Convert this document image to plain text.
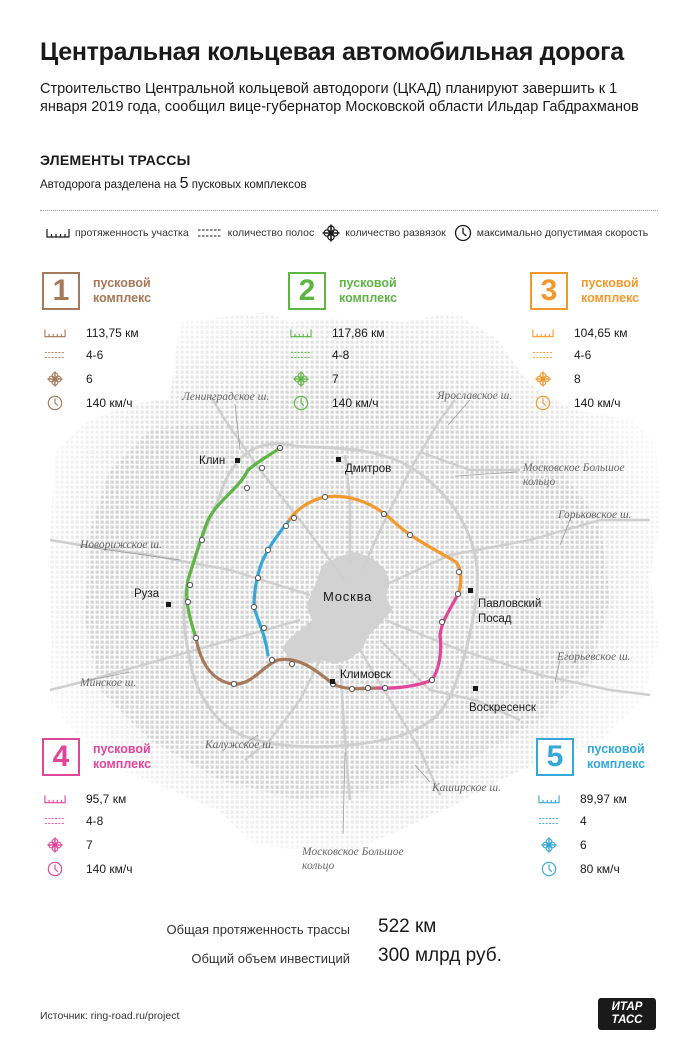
Центральная кольцевая автомобильная дорога
Строительство Центральной кольцевой автодороги (ЦКАД) планируют завершить к 1 января 2019 года, сообщил вице-губернатор Московской области Ильдар Габдрахманов
ЭЛЕМЕНТЫ ТРАССЫ
Автодорога разделена на 5 пусковых комплексов
протяженность участка	количество полос	количество развязок	максимально допустимая скорость
Ленинградское ш.	Ярославское ш.
Московское Большое
кольцо
Горьковское ш.
Новорижское ш.
Минское ш.
Егорьевское ш.
Калужское ш.
Каширское ш.
Московское Большое
кольцо
Клин
Дмитров
Руза
Павловский
Посад
Климовск
Воскресенск
Москва
1	пусковой
комплекс
113,75 км
4-6
6
140 км/ч
2	пусковой
комплекс
117,86 км
4-8
7
140 км/ч
3	пусковой
комплекс
104,65 км
4-6
8
140 км/ч
4	пусковой
комплекс
95,7 км
4-8
7
140 км/ч
5	пусковой
комплекс
89,97 км
4
6
80 км/ч
Общая протяженность трассы 522 км
Общий объем инвестиций 300 млрд руб.
Источник: ring-road.ru/project
ИТАР
ТАСС
